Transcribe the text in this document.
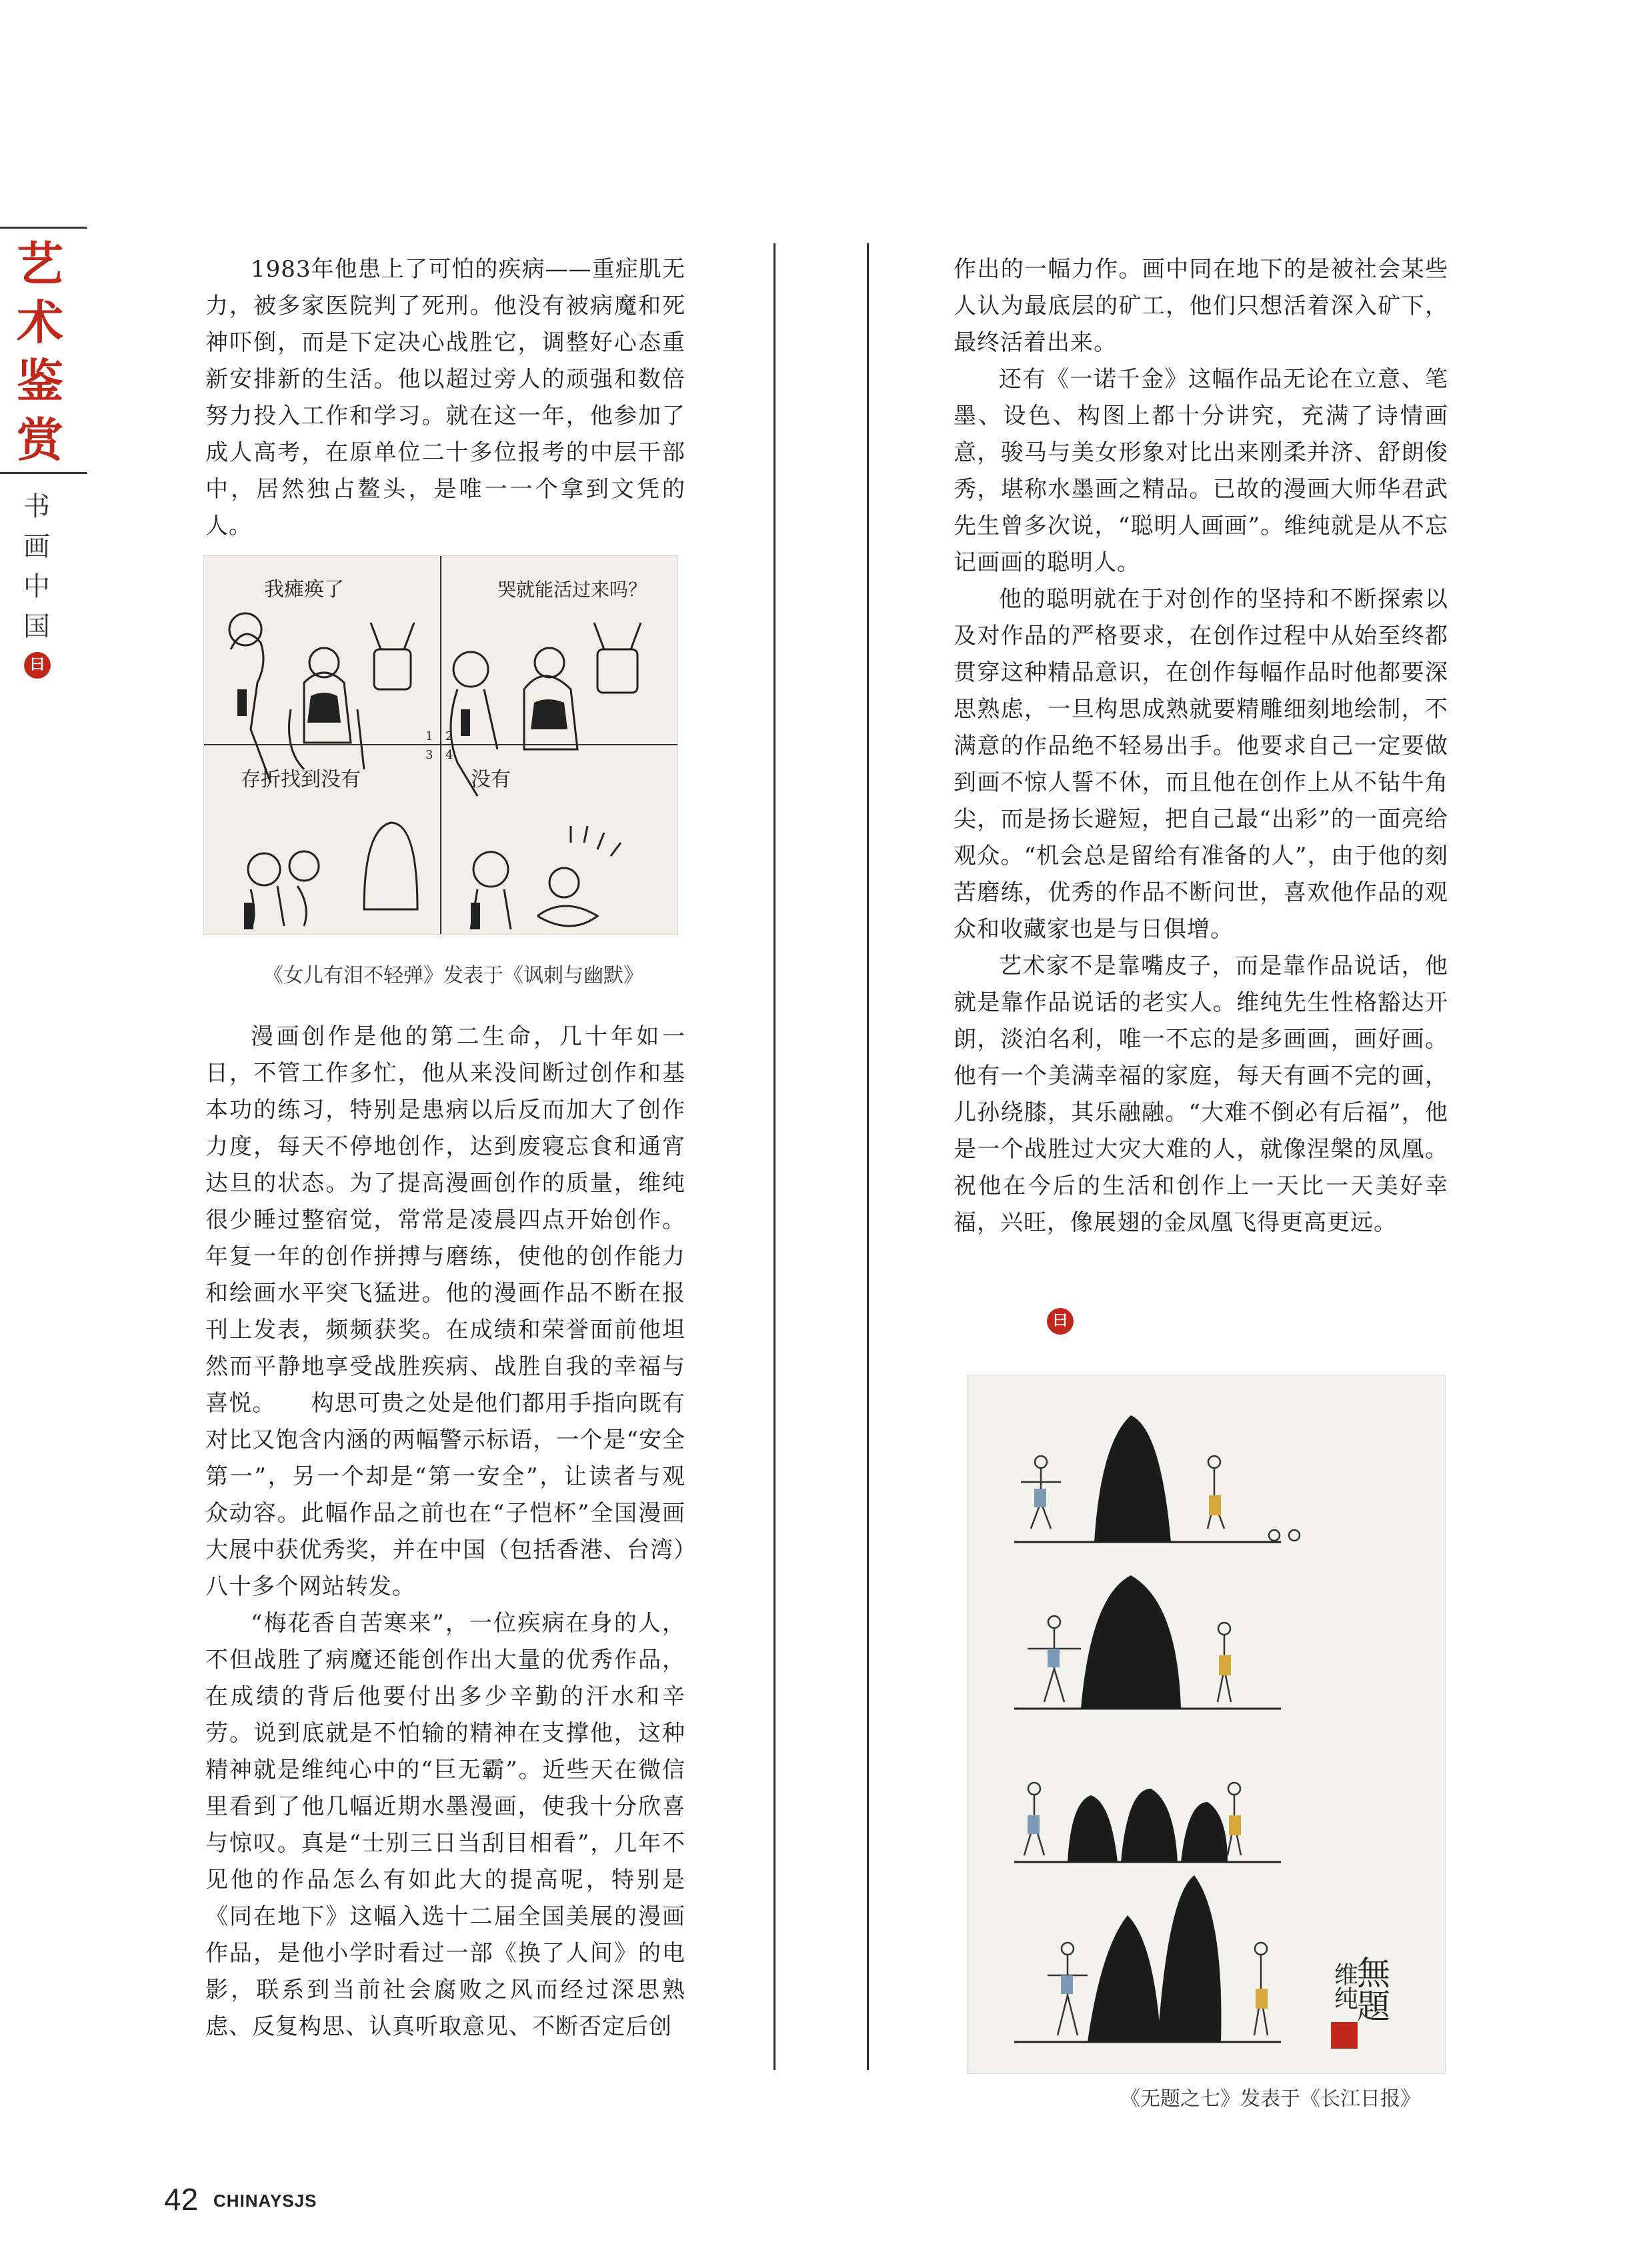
艺
术
鉴
赏
书
画
中
国
曰

1983年他患上了可怕的疾病——重症肌无力，被多家医院判了死刑。他没有被病魔和死神吓倒，而是下定决心战胜它，调整好心态重新安排新的生活。他以超过旁人的顽强和数倍努力投入工作和学习。就在这一年，他参加了成人高考，在原单位二十多位报考的中层干部中，居然独占鳌头，是唯一一个拿到文凭的人。

我瘫痪了	哭就能活过来吗？
存折找到没有	没有
1 2
3 4
《女儿有泪不轻弹》发表于《讽刺与幽默》

漫画创作是他的第二生命，几十年如一日，不管工作多忙，他从来没间断过创作和基本功的练习，特别是患病以后反而加大了创作力度，每天不停地创作，达到废寝忘食和通宵达旦的状态。为了提高漫画创作的质量，维纯很少睡过整宿觉，常常是凌晨四点开始创作。年复一年的创作拼搏与磨练，使他的创作能力和绘画水平突飞猛进。他的漫画作品不断在报刊上发表，频频获奖。在成绩和荣誉面前他坦然而平静地享受战胜疾病、战胜自我的幸福与喜悦。　　构思可贵之处是他们都用手指向既有对比又饱含内涵的两幅警示标语，一个是“安全第一”，另一个却是“第一安全”，让读者与观众动容。此幅作品之前也在“子恺杯”全国漫画大展中获优秀奖，并在中国（包括香港、台湾）八十多个网站转发。

“梅花香自苦寒来”，一位疾病在身的人，不但战胜了病魔还能创作出大量的优秀作品，在成绩的背后他要付出多少辛勤的汗水和辛劳。说到底就是不怕输的精神在支撑他，这种精神就是维纯心中的“巨无霸”。近些天在微信里看到了他几幅近期水墨漫画，使我十分欣喜与惊叹。真是“士别三日当刮目相看”，几年不见他的作品怎么有如此大的提高呢，特别是《同在地下》这幅入选十二届全国美展的漫画作品，是他小学时看过一部《换了人间》的电影，联系到当前社会腐败之风而经过深思熟虑、反复构思、认真听取意见、不断否定后创

作出的一幅力作。画中同在地下的是被社会某些人认为最底层的矿工，他们只想活着深入矿下，最终活着出来。

还有《一诺千金》这幅作品无论在立意、笔墨、设色、构图上都十分讲究，充满了诗情画意，骏马与美女形象对比出来刚柔并济、舒朗俊秀，堪称水墨画之精品。已故的漫画大师华君武先生曾多次说，“聪明人画画”。维纯就是从不忘记画画的聪明人。

他的聪明就在于对创作的坚持和不断探索以及对作品的严格要求，在创作过程中从始至终都贯穿这种精品意识，在创作每幅作品时他都要深思熟虑，一旦构思成熟就要精雕细刻地绘制，不满意的作品绝不轻易出手。他要求自己一定要做到画不惊人誓不休，而且他在创作上从不钻牛角尖，而是扬长避短，把自己最“出彩”的一面亮给观众。“机会总是留给有准备的人”，由于他的刻苦磨练，优秀的作品不断问世，喜欢他作品的观众和收藏家也是与日俱增。

艺术家不是靠嘴皮子，而是靠作品说话，他就是靠作品说话的老实人。维纯先生性格豁达开朗，淡泊名利，唯一不忘的是多画画，画好画。他有一个美满幸福的家庭，每天有画不完的画，儿孙绕膝，其乐融融。“大难不倒必有后福”，他是一个战胜过大灾大难的人，就像涅槃的凤凰。祝他在今后的生活和创作上一天比一天美好幸福，兴旺，像展翅的金凤凰飞得更高更远。

曰
無題
维纯
《无题之七》发表于《长江日报》
42 CHINAYSJS
